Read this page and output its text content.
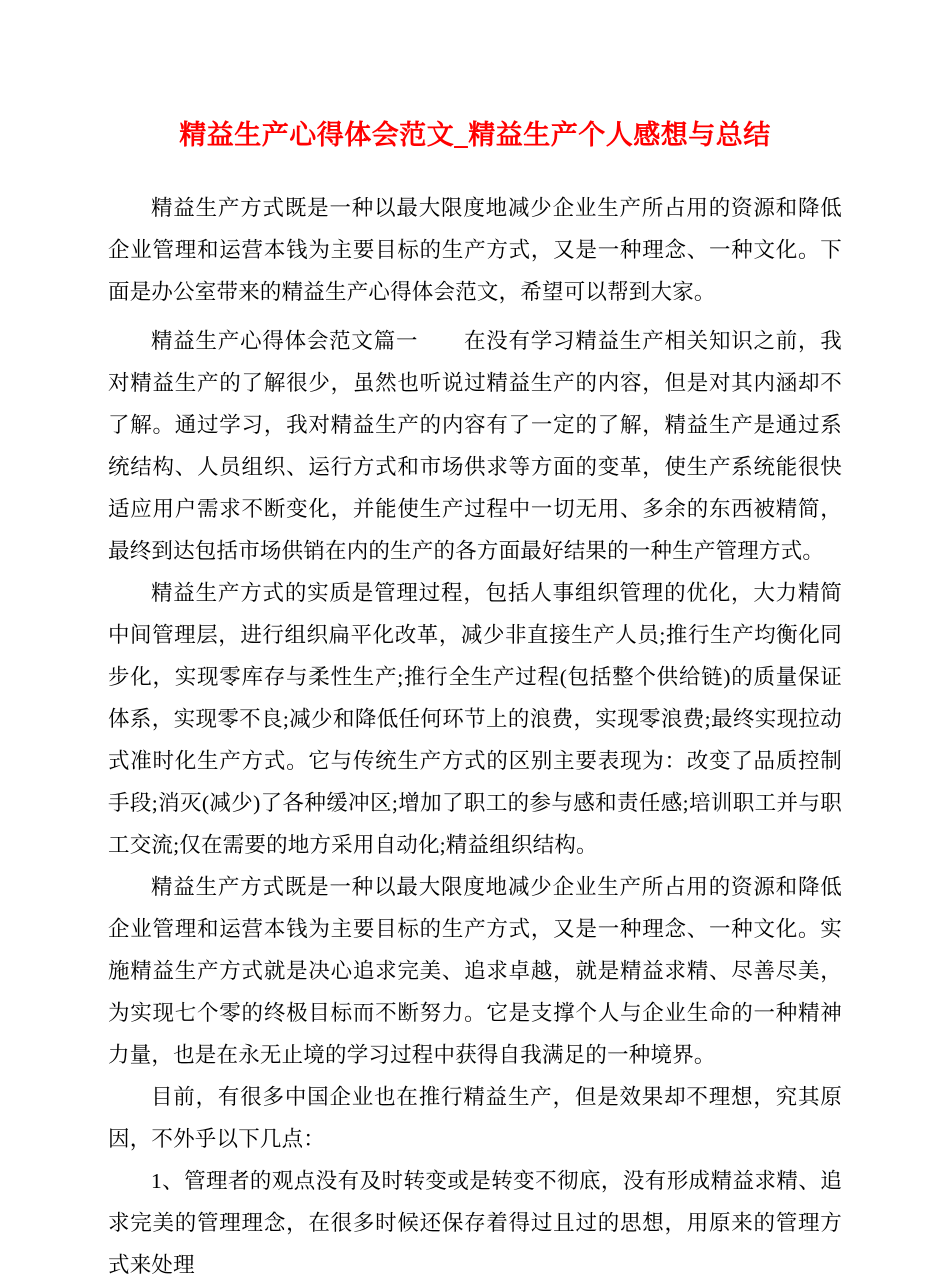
精益生产心得体会范文_精益生产个人感想与总结

精益生产方式既是一种以最大限度地减少企业生产所占用的资源和降低企业管理和运营本钱为主要目标的生产方式，又是一种理念、一种文化。下面是办公室带来的精益生产心得体会范文，希望可以帮到大家。

精益生产心得体会范文篇一 在没有学习精益生产相关知识之前，我对精益生产的了解很少，虽然也听说过精益生产的内容，但是对其内涵却不了解。通过学习，我对精益生产的内容有了一定的了解，精益生产是通过系统结构、人员组织、运行方式和市场供求等方面的变革，使生产系统能很快适应用户需求不断变化，并能使生产过程中一切无用、多余的东西被精简，最终到达包括市场供销在内的生产的各方面最好结果的一种生产管理方式。

精益生产方式的实质是管理过程，包括人事组织管理的优化，大力精简中间管理层，进行组织扁平化改革，减少非直接生产人员;推行生产均衡化同步化，实现零库存与柔性生产;推行全生产过程(包括整个供给链)的质量保证体系，实现零不良;减少和降低任何环节上的浪费，实现零浪费;最终实现拉动式准时化生产方式。它与传统生产方式的区别主要表现为：改变了品质控制手段;消灭(减少)了各种缓冲区;增加了职工的参与感和责任感;培训职工并与职工交流;仅在需要的地方采用自动化;精益组织结构。

精益生产方式既是一种以最大限度地减少企业生产所占用的资源和降低企业管理和运营本钱为主要目标的生产方式，又是一种理念、一种文化。实施精益生产方式就是决心追求完美、追求卓越，就是精益求精、尽善尽美，为实现七个零的终极目标而不断努力。它是支撑个人与企业生命的一种精神力量，也是在永无止境的学习过程中获得自我满足的一种境界。

目前，有很多中国企业也在推行精益生产，但是效果却不理想，究其原因，不外乎以下几点：

1、管理者的观点没有及时转变或是转变不彻底，没有形成精益求精、追求完美的管理理念，在很多时候还保存着得过且过的思想，用原来的管理方式来处理
